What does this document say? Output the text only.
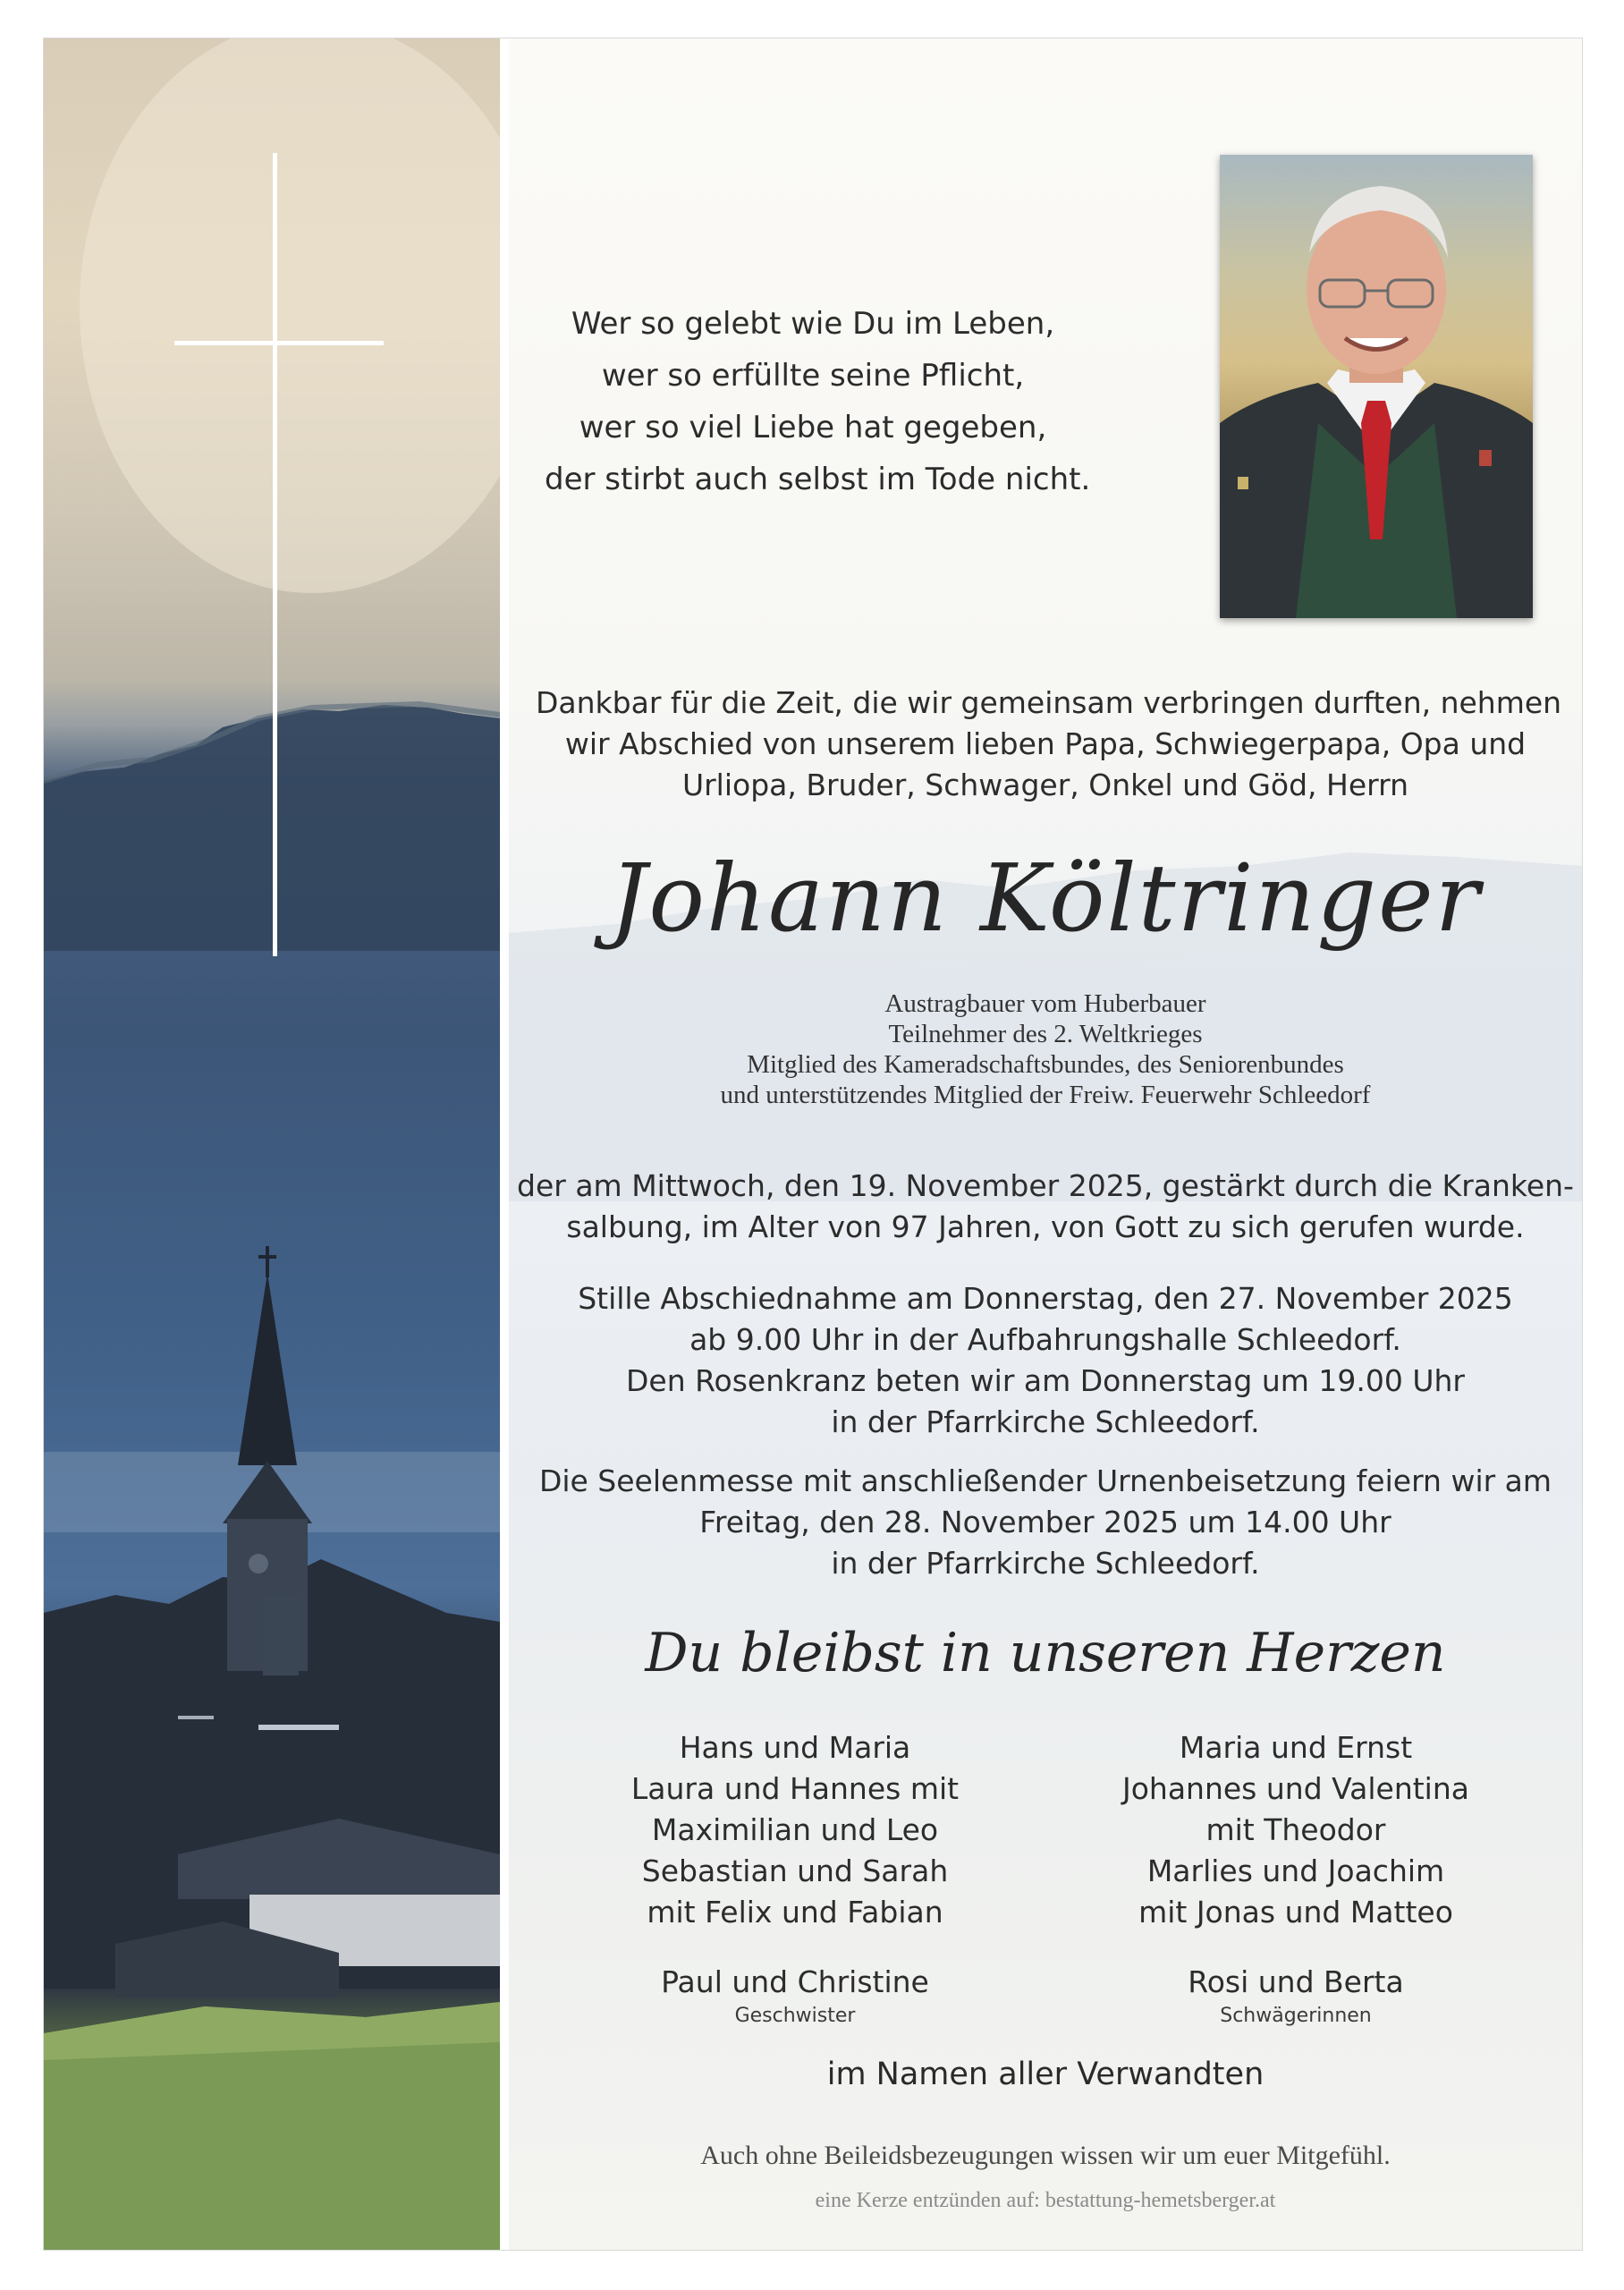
Wer so gelebt wie Du im Leben,
wer so erfüllte seine Pflicht,
wer so viel Liebe hat gegeben,
der stirbt auch selbst im Tode nicht.
Dankbar für die Zeit, die wir gemeinsam verbringen durften, nehmen
wir Abschied von unserem lieben Papa, Schwiegerpapa, Opa und
Urliopa, Bruder, Schwager, Onkel und Göd, Herrn
Johann Költringer
Austragbauer vom Huberbauer
Teilnehmer des 2. Weltkrieges
Mitglied des Kameradschaftsbundes, des Seniorenbundes
und unterstützendes Mitglied der Freiw. Feuerwehr Schleedorf
der am Mittwoch, den 19. November 2025, gestärkt durch die Kranken-
salbung, im Alter von 97 Jahren, von Gott zu sich gerufen wurde.
Stille Abschiednahme am Donnerstag, den 27. November 2025
ab 9.00 Uhr in der Aufbahrungshalle Schleedorf.
Den Rosenkranz beten wir am Donnerstag um 19.00 Uhr
in der Pfarrkirche Schleedorf.
Die Seelenmesse mit anschließender Urnenbeisetzung feiern wir am
Freitag, den 28. November 2025 um 14.00 Uhr
in der Pfarrkirche Schleedorf.
Du bleibst in unseren Herzen
Hans und Maria
Laura und Hannes mit
Maximilian und Leo
Sebastian und Sarah
mit Felix und Fabian
Maria und Ernst
Johannes und Valentina
mit Theodor
Marlies und Joachim
mit Jonas und Matteo
Paul und Christine
Geschwister
Rosi und Berta
Schwägerinnen
im Namen aller Verwandten
Auch ohne Beileidsbezeugungen wissen wir um euer Mitgefühl.
eine Kerze entzünden auf: bestattung-hemetsberger.at
